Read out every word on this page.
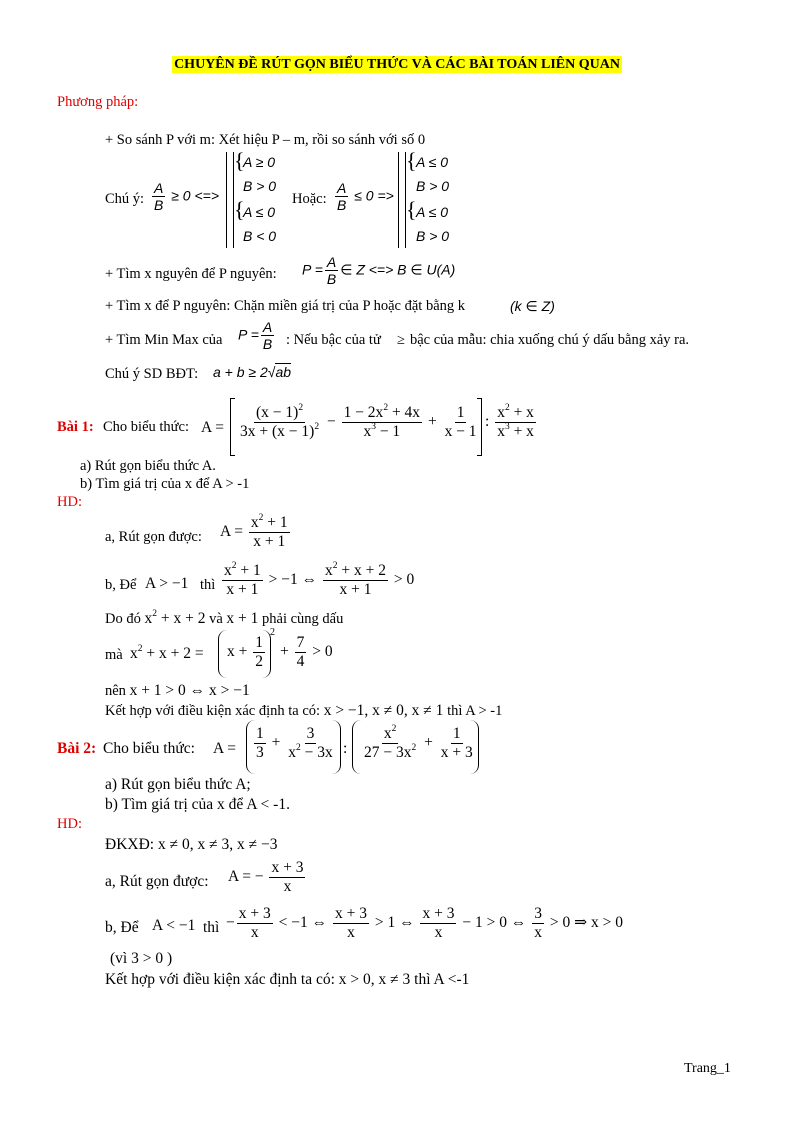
CHUYÊN ĐỀ RÚT GỌN BIỂU THỨC VÀ CÁC BÀI TOÁN LIÊN QUAN
Phương pháp:
+ So sánh P với m: Xét hiệu P – m, rồi so sánh với số 0
Chú ý: $\frac{A}{B} \ge 0$ <=>
{
{
A ≥ 0
B > 0
A ≤ 0
B < 0
Hoặc: $\frac{A}{B} \le 0$ =>
{
{
A ≤ 0
B > 0
A ≤ 0
B > 0
+ Tìm x nguyên để P nguyên: $P = \frac{A}{B}$ ∈ Z <=> B ∈ U(A)
+ Tìm x để P nguyên: Chặn miền giá trị của P hoặc đặt bằng k	(k ∈ Z)
+ Tìm Min Max của $P = \frac{A}{B}$ : Nếu bậc của tử ≥ bậc của mẫu: chia xuống chú ý dấu bằng xảy ra.
Chú ý SD BĐT: a + b ≥ 2√ab
Bài 1: Cho biểu thức: $A = \frac{(x - 1)^2}{3x + (x - 1)^2} - \frac{1 - 2x^2 + 4x}{x^3 - 1} + \frac{1}{x - 1}$ : $\frac{x^2 + x}{x^3 + x}$
a) Rút gọn biểu thức A.
b) Tìm giá trị của x để A > -1
HD:
a, Rút gọn được: $A = \frac{x^2 + 1}{x + 1}$
b, Để A > −1 thì $\frac{x^2 + 1}{x + 1} > -1$ ⇔ $\frac{x^2 + x + 2}{x + 1} > 0$
Do đó $x^2 + x + 2$ và x + 1 phải cùng dấu
mà $x^2 + x + 2 = x + \frac{1}{2}$
2
+ $\frac{7}{4} > 0$
nên x + 1 > 0 ⇔ x > −1
Kết hợp với điều kiện xác định ta có: x > −1, x ≠ 0, x ≠ 1 thì A > -1
Bài 2: Cho biểu thức: $A = \frac{1}{3} + \frac{3}{x^2 - 3x}$ : $\frac{x^2}{27 - 3x^2} + \frac{1}{x + 3}$
a) Rút gọn biểu thức A;
b) Tìm giá trị của x để A < -1.
HD:
ĐKXĐ: x ≠ 0, x ≠ 3, x ≠ −3
a, Rút gọn được: A = − $\frac{x + 3}{x}$
b, Để A < −1 thì − $\frac{x + 3}{x} < -1$ ⇔ $\frac{x + 3}{x} > 1$ ⇔ $\frac{x + 3}{x} - 1 > 0$ ⇔ $\frac{3}{x} > 0$ ⇒ x > 0
(vì 3 > 0 )
Kết hợp với điều kiện xác định ta có: x > 0, x ≠ 3 thì A <-1
Trang_1
